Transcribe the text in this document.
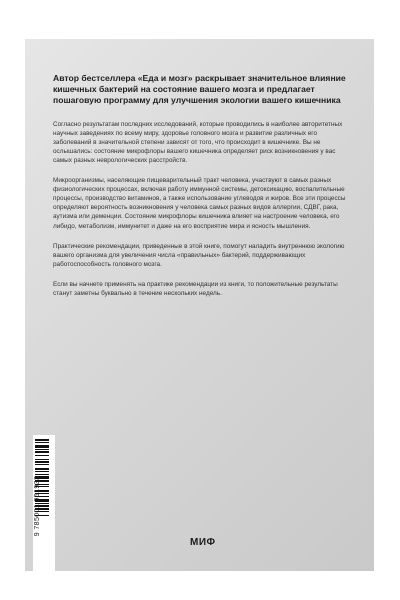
Автор бестселлера «Еда и мозг» раскрывает значительное влияние кишечных бактерий на состояние вашего мозга и предлагает пошаговую программу для улучшения экологии вашего кишечника

Согласно результатам последних исследований, которые проводились в наиболее авторитетных научных заведениях по всему миру, здоровье головного мозга и развитие различных его заболеваний в значительной степени зависят от того, что происходит в кишечнике. Вы не ослышались: состояние микрофлоры вашего кишечника определяет риск возникновения у вас самых разных неврологических расстройств.

Микроорганизмы, населяющие пищеварительный тракт человека, участвуют в самых разных физиологических процессах, включая работу иммунной системы, детоксикацию, воспалительные процессы, производство витаминов, а также использование углеводов и жиров. Все эти процессы определяют вероятность возникновения у человека самых разных видов аллергии, СДВГ, рака, аутизма или деменции. Состояние микрофлоры кишечника влияет на настроение человека, его либидо, метаболизм, иммунитет и даже на его восприятие мира и ясность мышления.

Практические рекомендации, приведенные в этой книге, помогут наладить внутреннюю экологию вашего организма для увеличения числа «правильных» бактерий, поддерживающих работоспособность головного мозга.

Если вы начнете применять на практике рекомендации из книги, то положительные результаты станут заметны буквально в течение нескольких недель.

9 785001 951933
МИФ
